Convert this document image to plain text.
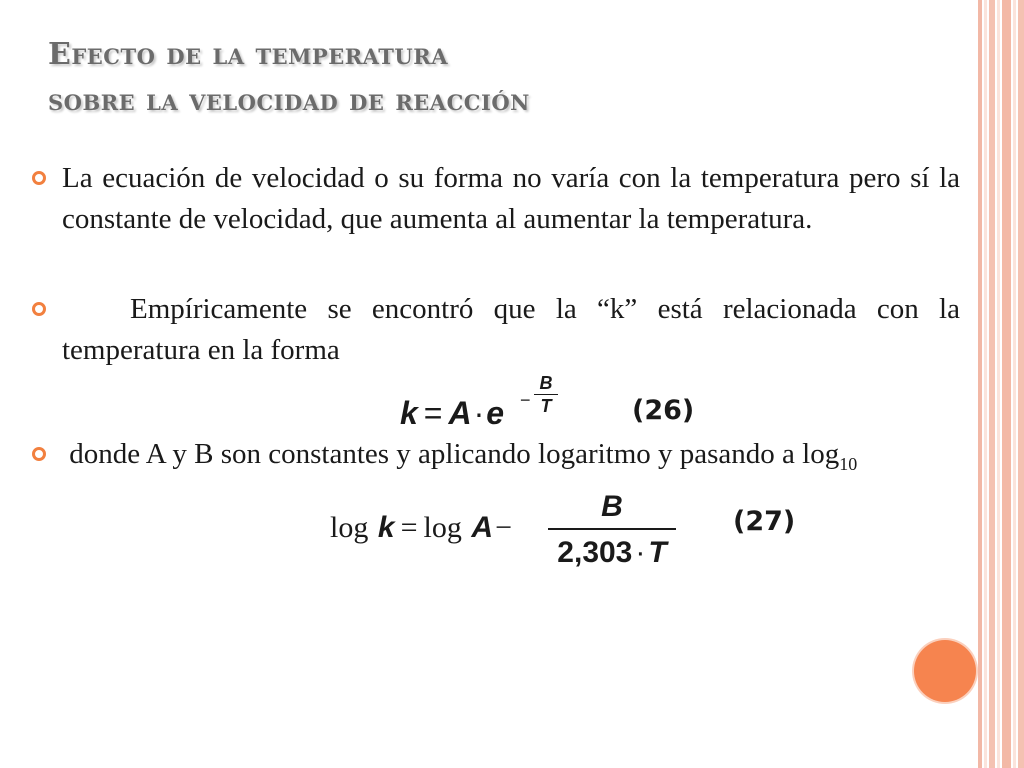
Efecto de la temperatura
sobre la velocidad de reacción
La ecuación de velocidad o su forma no varía con la temperatura pero sí la constante de velocidad, que aumenta al aumentar la temperatura.
Empíricamente se encontró que la “k” está relacionada con la temperatura en la forma
donde A y B son constantes y aplicando logaritmo y pasando a $\log_{10}$
k = A·e −
B
T	(26)
log k = log A−
B
2,303 · T
(27)
